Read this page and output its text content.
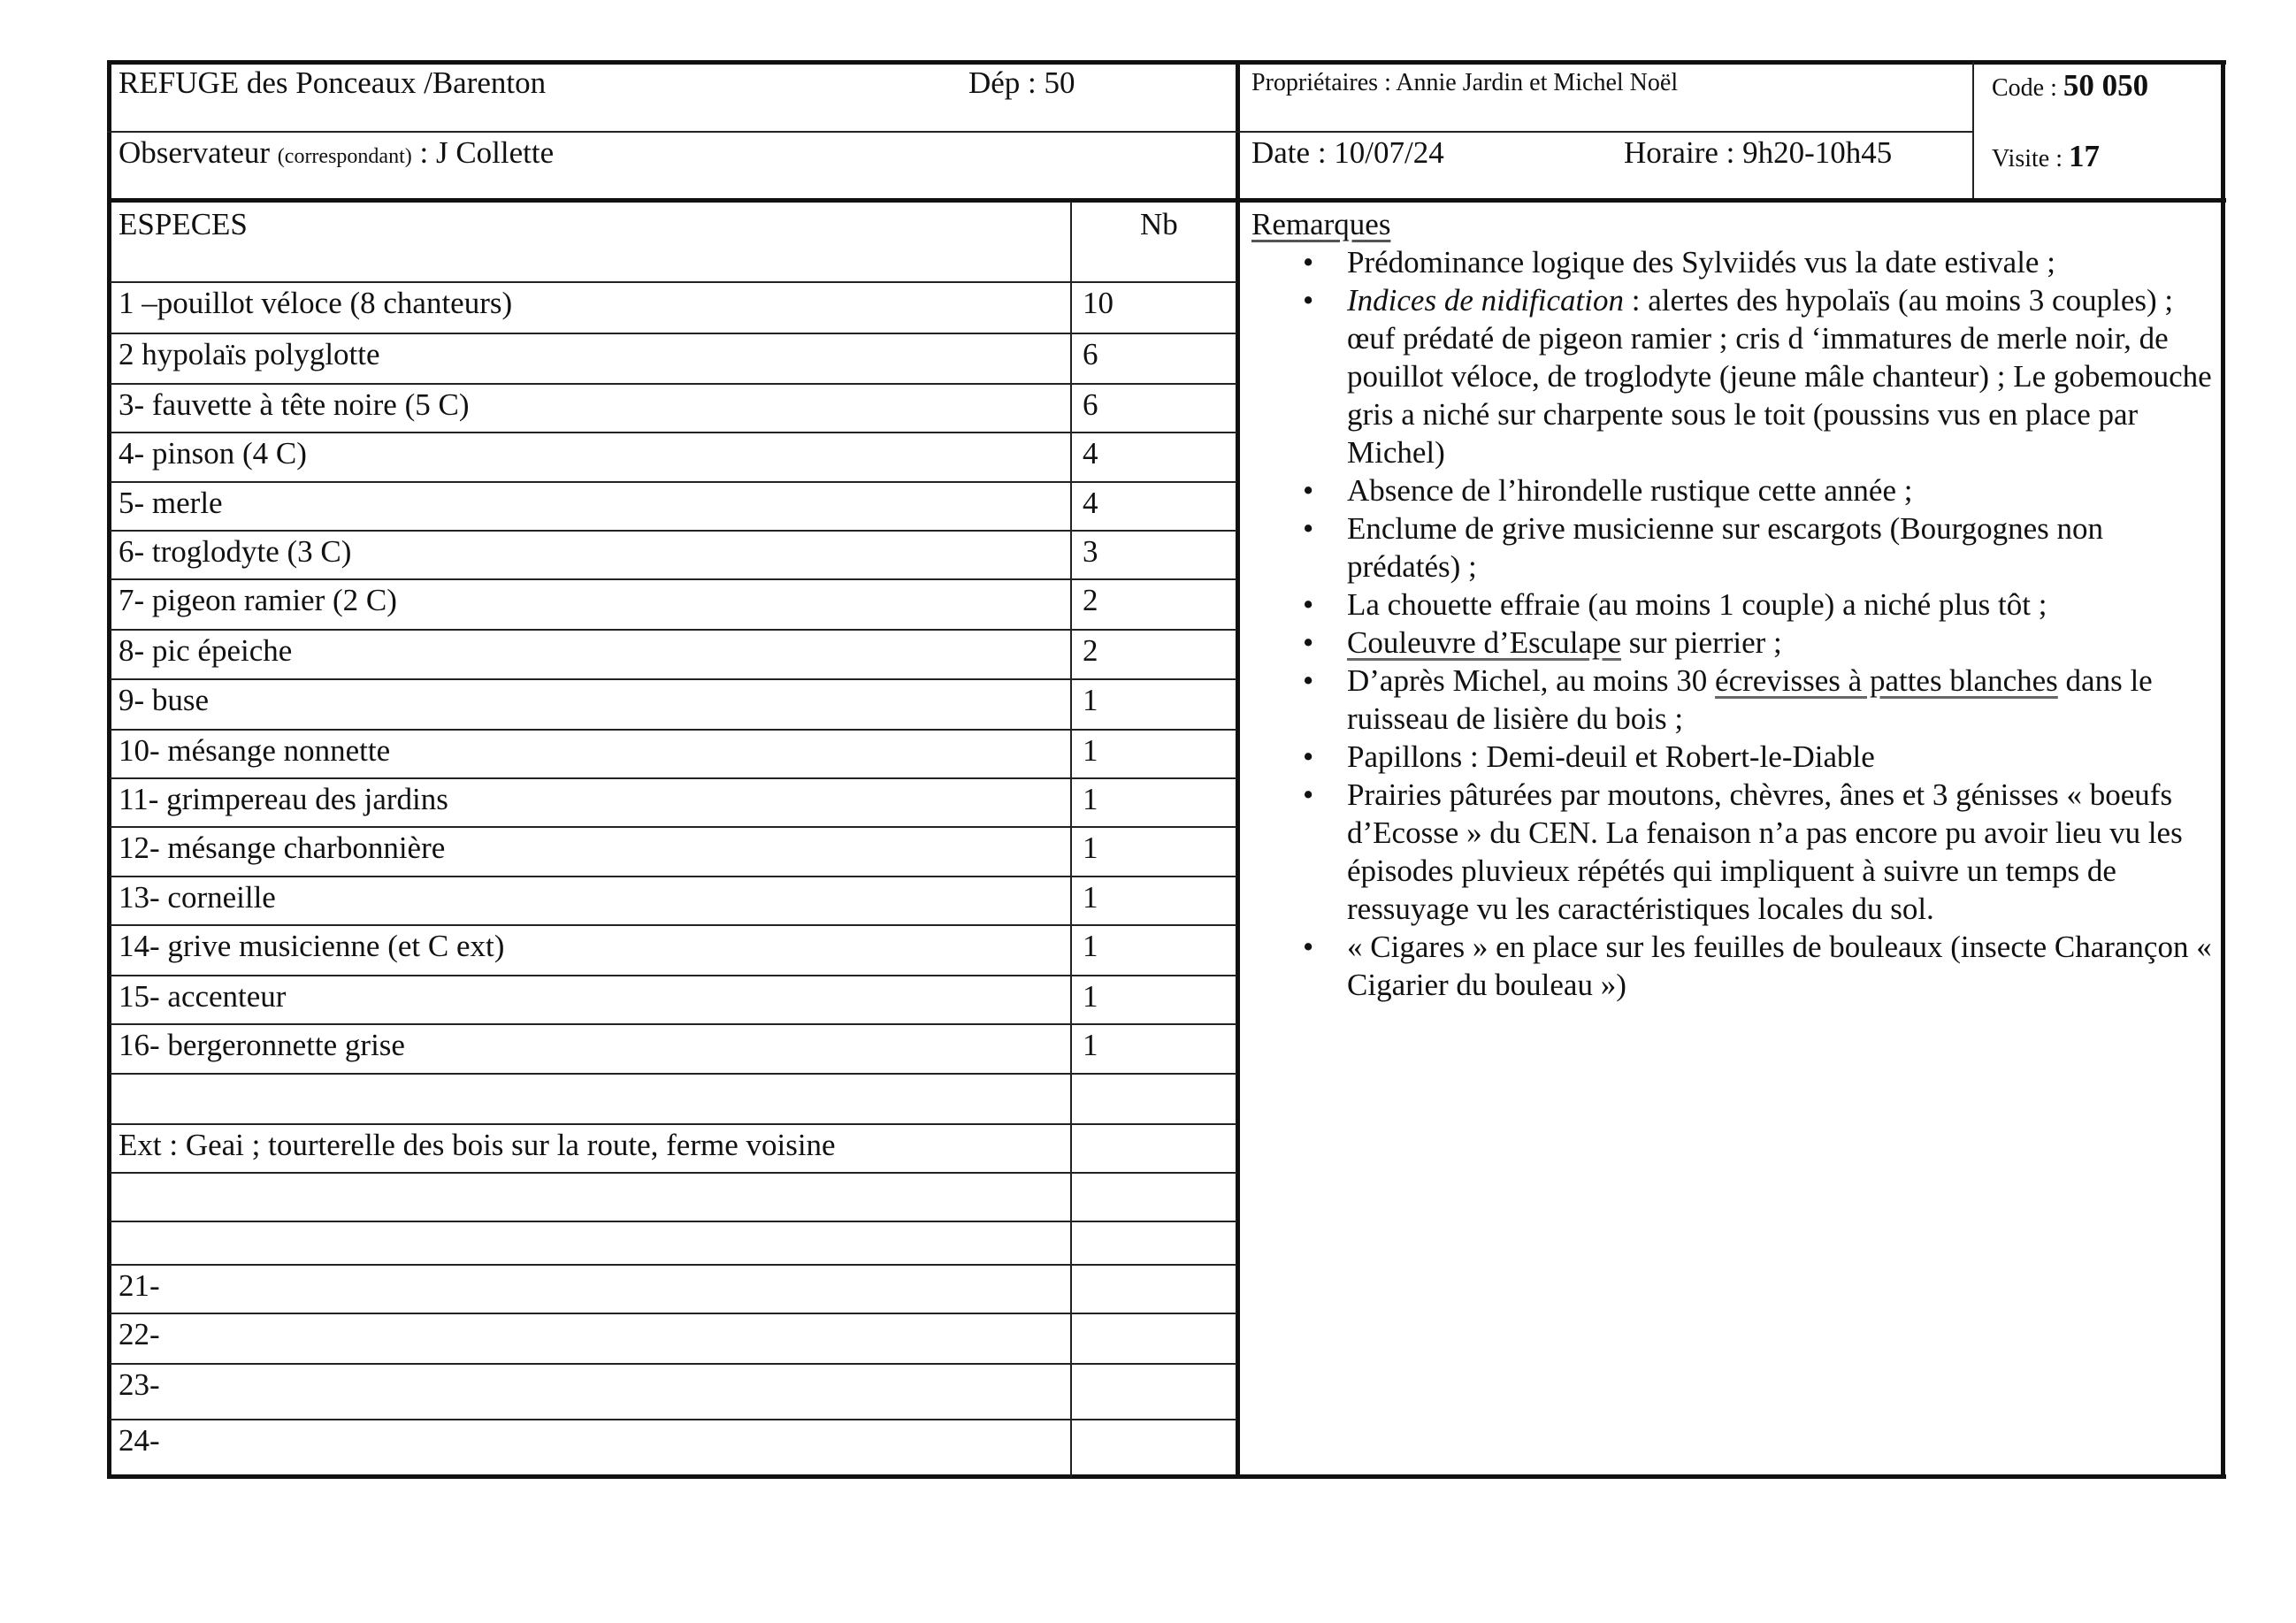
REFUGE des Ponceaux /Barenton	Dép : 50	Propriétaires : Annie Jardin et Michel Noël	Code : 50 050
Observateur (correspondant) : J Collette	Date : 10/07/24	Horaire : 9h20-10h45	Visite : 17
ESPECES	Nb
1 –pouillot véloce (8 chanteurs)	10
2 hypolaïs polyglotte	6
3- fauvette à tête noire (5 C)	6
4- pinson (4 C)	4
5- merle	4
6- troglodyte (3 C)	3
7- pigeon ramier (2 C)	2
8- pic épeiche	2
9- buse	1
10- mésange nonnette	1
11- grimpereau des jardins	1
12- mésange charbonnière	1
13- corneille	1
14- grive musicienne (et C ext)	1
15- accenteur	1
16- bergeronnette grise	1
Ext : Geai ; tourterelle des bois sur la route, ferme voisine
21-
22-
23-
24-
Remarques
• Prédominance logique des Sylviidés vus la date estivale ;
• Indices de nidification : alertes des hypolaïs (au moins 3 couples) ; œuf prédaté de pigeon ramier ; cris d ‘immatures de merle noir, de pouillot véloce, de troglodyte (jeune mâle chanteur) ; Le gobemouche gris a niché sur charpente sous le toit (poussins vus en place par Michel)
• Absence de l’hirondelle rustique cette année ;
• Enclume de grive musicienne sur escargots (Bourgognes non prédatés) ;
• La chouette effraie (au moins 1 couple) a niché plus tôt ;
• Couleuvre d’Esculape sur pierrier ;
• D’après Michel, au moins 30 écrevisses à pattes blanches dans le ruisseau de lisière du bois ;
• Papillons : Demi-deuil et Robert-le-Diable
• Prairies pâturées par moutons, chèvres, ânes et 3 génisses « boeufs d’Ecosse » du CEN. La fenaison n’a pas encore pu avoir lieu vu les épisodes pluvieux répétés qui impliquent à suivre un temps de ressuyage vu les caractéristiques locales du sol.
• « Cigares » en place sur les feuilles de bouleaux (insecte Charançon « Cigarier du bouleau »)
